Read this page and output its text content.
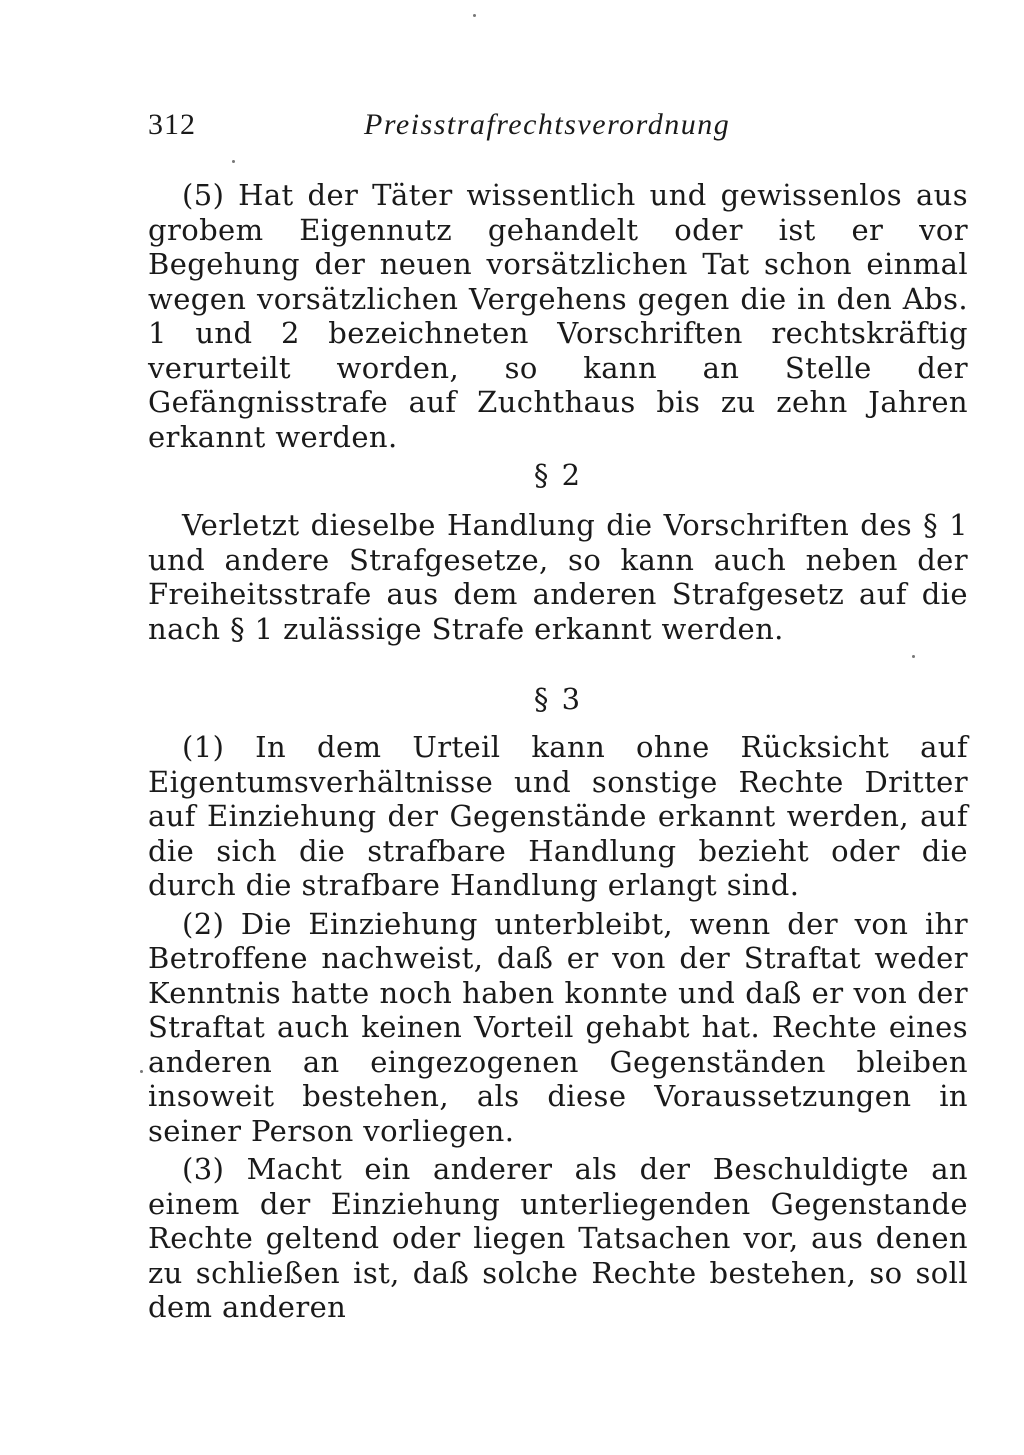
312	Preisstrafrechtsverordnung

(5) Hat der Täter wissentlich und gewissenlos aus grobem Eigennutz gehandelt oder ist er vor Begehung der neuen vorsätzlichen Tat schon einmal wegen vorsätzlichen Vergehens gegen die in den Abs. 1 und 2 bezeichneten Vorschriften rechtskräftig verurteilt worden, so kann an Stelle der Gefängnisstrafe auf Zuchthaus bis zu zehn Jahren erkannt werden.

§ 2

Verletzt dieselbe Handlung die Vorschriften des § 1 und andere Strafgesetze, so kann auch neben der Freiheitsstrafe aus dem anderen Strafgesetz auf die nach § 1 zulässige Strafe erkannt werden.

§ 3

(1) In dem Urteil kann ohne Rücksicht auf Eigentumsverhältnisse und sonstige Rechte Dritter auf Einziehung der Gegenstände erkannt werden, auf die sich die strafbare Handlung bezieht oder die durch die strafbare Handlung erlangt sind.

(2) Die Einziehung unterbleibt, wenn der von ihr Betroffene nachweist, daß er von der Straftat weder Kenntnis hatte noch haben konnte und daß er von der Straftat auch keinen Vorteil gehabt hat. Rechte eines anderen an eingezogenen Gegenständen bleiben insoweit bestehen, als diese Voraussetzungen in seiner Person vorliegen.

(3) Macht ein anderer als der Beschuldigte an einem der Einziehung unterliegenden Gegenstande Rechte geltend oder liegen Tatsachen vor, aus denen zu schließen ist, daß solche Rechte bestehen, so soll dem anderen
